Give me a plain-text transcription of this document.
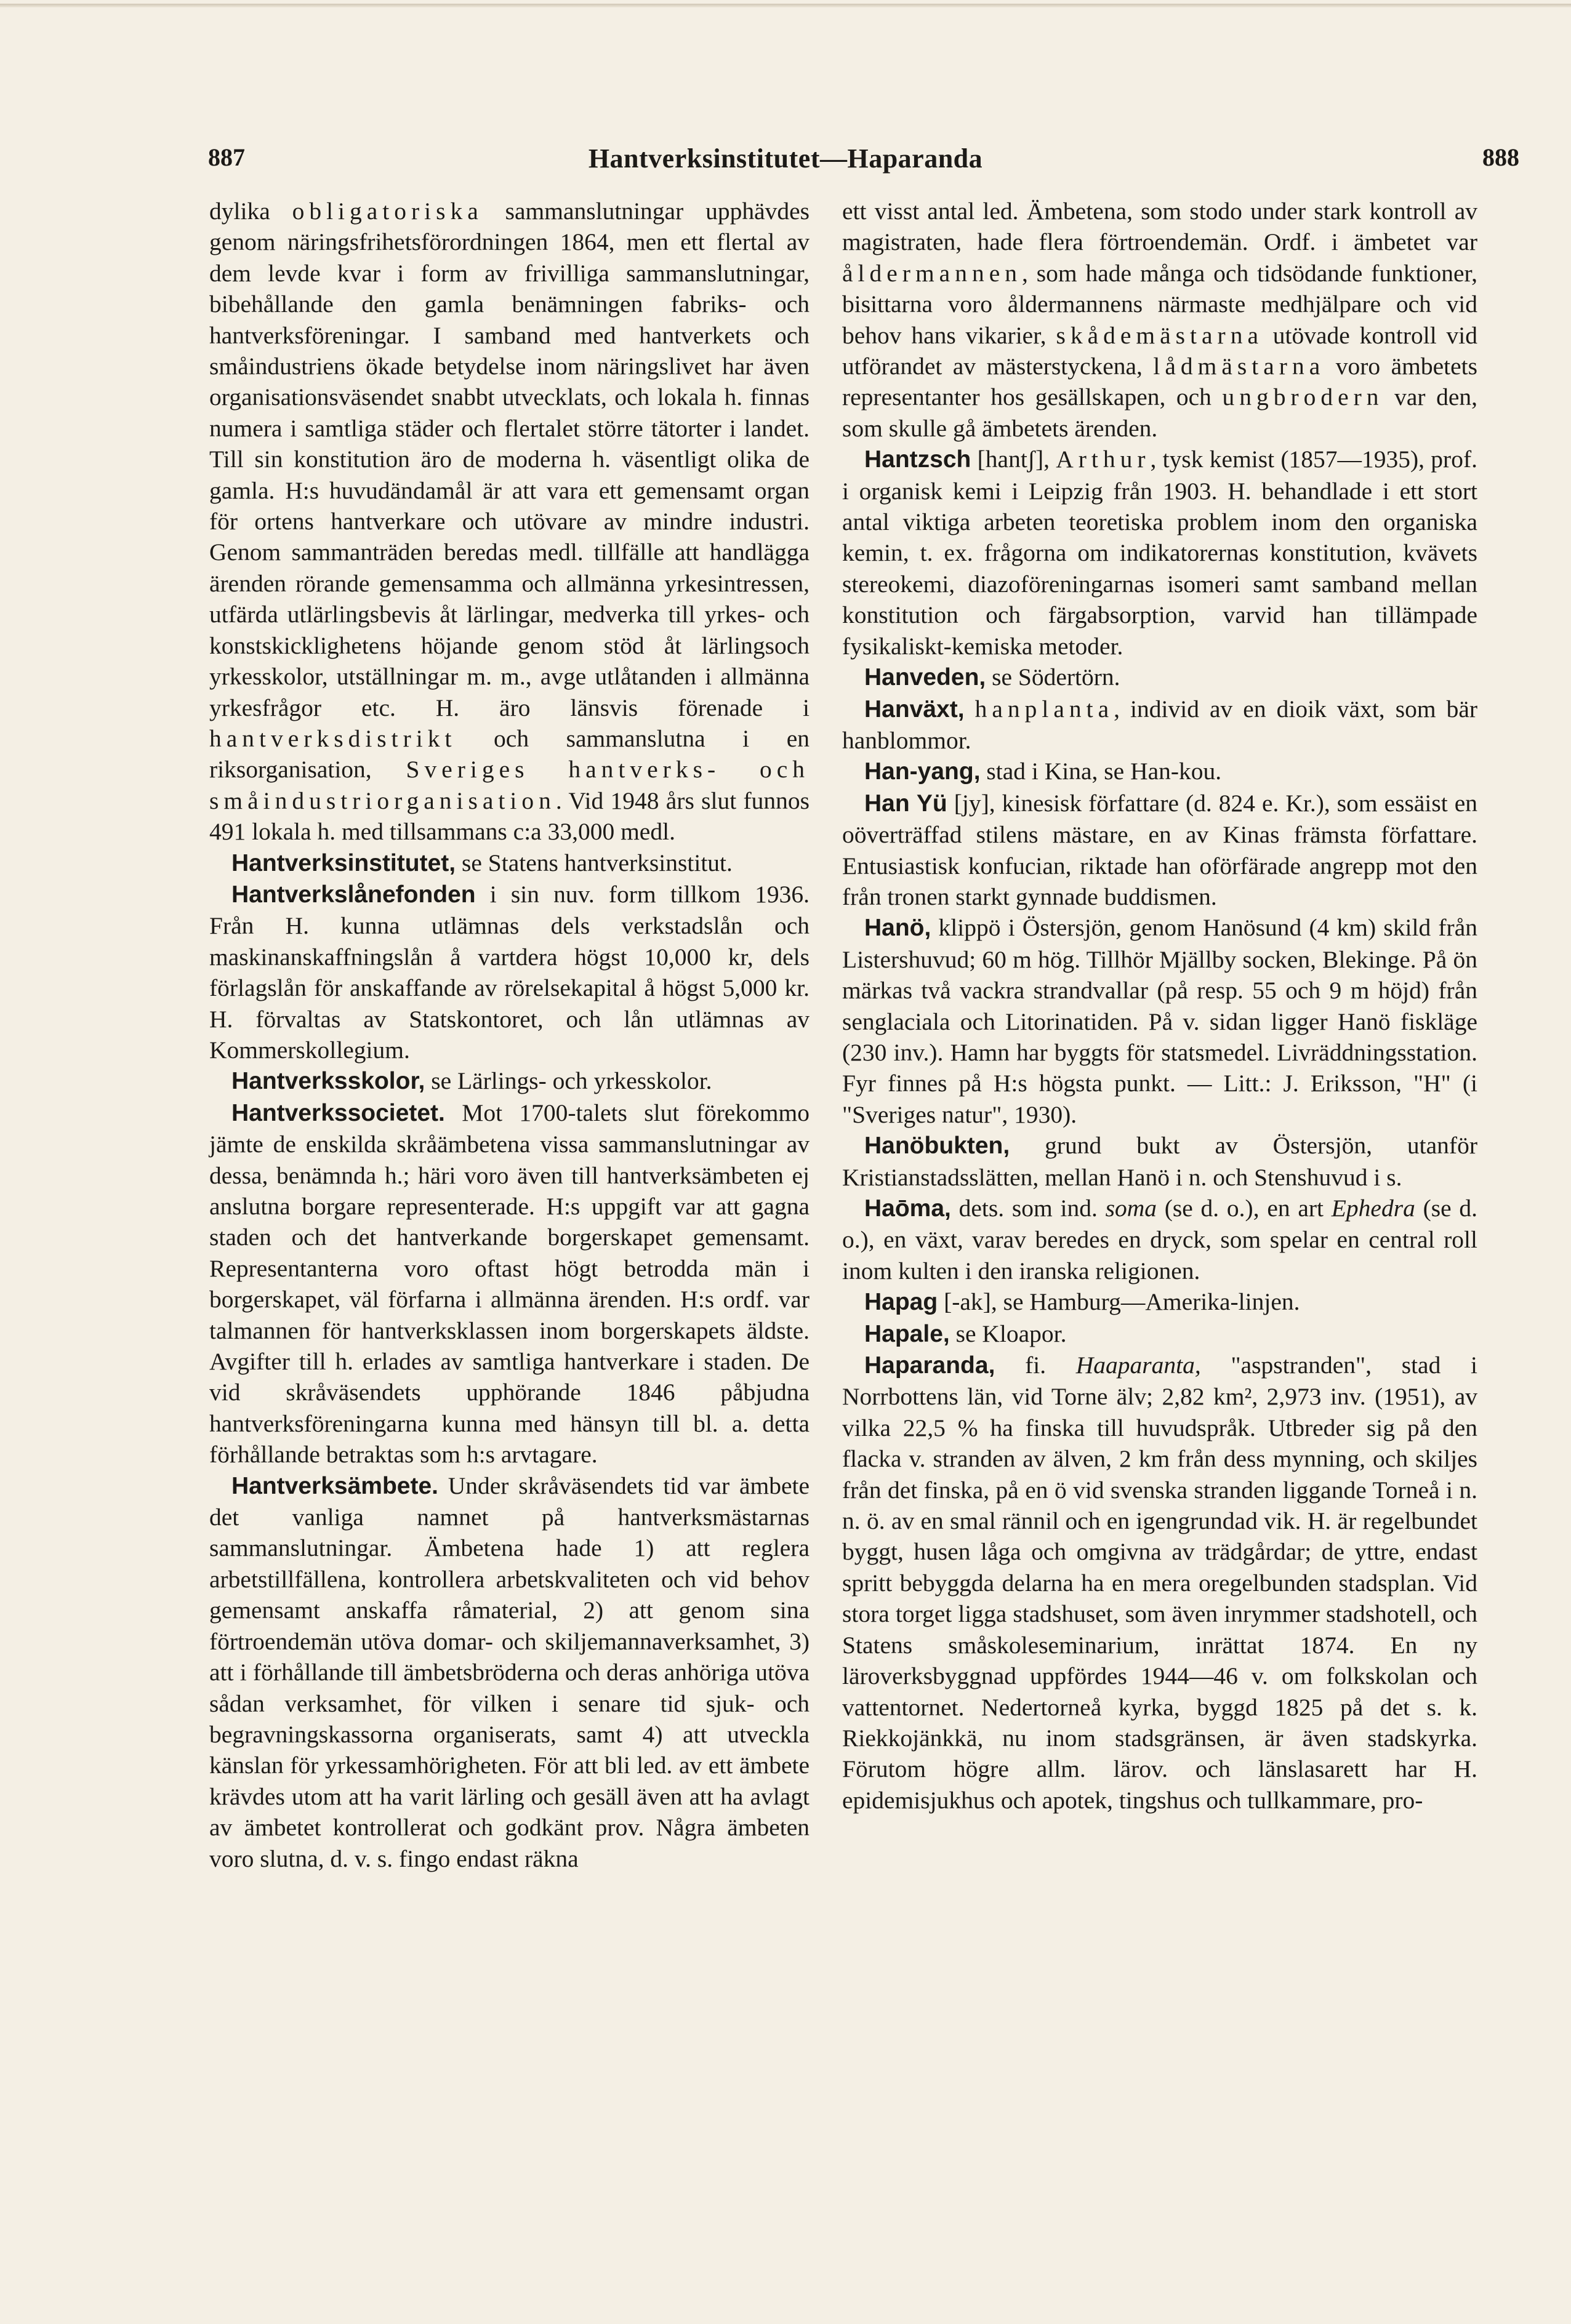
887	Hantverksinstitutet—Haparanda	888

dylika obligatoriska sammanslutningar upphävdes genom näringsfrihetsförordningen 1864, men ett flertal av dem levde kvar i form av frivilliga sammanslutningar, bibehållande den gamla benämningen fabriks- och hantverksföreningar. I samband med hantverkets och småindustriens ökade betydelse inom näringslivet har även organisationsväsendet snabbt utvecklats, och lokala h. finnas numera i samtliga städer och flertalet större tätorter i landet. Till sin konstitution äro de moderna h. väsentligt olika de gamla. H:s huvudändamål är att vara ett gemensamt organ för ortens hantverkare och utövare av mindre industri. Genom sammanträden beredas medl. tillfälle att handlägga ärenden rörande gemensamma och allmänna yrkesintressen, utfärda utlärlingsbevis åt lärlingar, medverka till yrkes- och konstskicklighetens höjande genom stöd åt lärlingsoch yrkesskolor, utställningar m. m., avge utlåtanden i allmänna yrkesfrågor etc. H. äro länsvis förenade i hantverksdistrikt och sammanslutna i en riksorganisation, Sveriges hantverks- och småindustriorganisation. Vid 1948 års slut funnos 491 lokala h. med tillsammans c:a 33,000 medl.

Hantverksinstitutet, se Statens hantverksinstitut.

Hantverkslånefonden i sin nuv. form tillkom 1936. Från H. kunna utlämnas dels verkstadslån och maskinanskaffningslån å vartdera högst 10,000 kr, dels förlagslån för anskaffande av rörelsekapital å högst 5,000 kr. H. förvaltas av Statskontoret, och lån utlämnas av Kommerskollegium.

Hantverksskolor, se Lärlings- och yrkesskolor.

Hantverkssocietet. Mot 1700-talets slut förekommo jämte de enskilda skråämbetena vissa sammanslutningar av dessa, benämnda h.; häri voro även till hantverksämbeten ej anslutna borgare representerade. H:s uppgift var att gagna staden och det hantverkande borgerskapet gemensamt. Representanterna voro oftast högt betrodda män i borgerskapet, väl förfarna i allmänna ärenden. H:s ordf. var talmannen för hantverksklassen inom borgerskapets äldste. Avgifter till h. erlades av samtliga hantverkare i staden. De vid skråväsendets upphörande 1846 påbjudna hantverksföreningarna kunna med hänsyn till bl. a. detta förhållande betraktas som h:s arvtagare.

Hantverksämbete. Under skråväsendets tid var ämbete det vanliga namnet på hantverksmästarnas sammanslutningar. Ämbetena hade 1) att reglera arbetstillfällena, kontrollera arbetskvaliteten och vid behov gemensamt anskaffa råmaterial, 2) att genom sina förtroendemän utöva domar- och skiljemannaverksamhet, 3) att i förhållande till ämbetsbröderna och deras anhöriga utöva sådan verksamhet, för vilken i senare tid sjuk- och begravningskassorna organiserats, samt 4) att utveckla känslan för yrkessamhörigheten. För att bli led. av ett ämbete krävdes utom att ha varit lärling och gesäll även att ha avlagt av ämbetet kontrollerat och godkänt prov. Några ämbeten voro slutna, d. v. s. fingo endast räkna

ett visst antal led. Ämbetena, som stodo under stark kontroll av magistraten, hade flera förtroendemän. Ordf. i ämbetet var åldermannen, som hade många och tidsödande funktioner, bisittarna voro åldermannens närmaste medhjälpare och vid behov hans vikarier, skådemästarna utövade kontroll vid utförandet av mästerstyckena, lådmästarna voro ämbetets representanter hos gesällskapen, och ungbrodern var den, som skulle gå ämbetets ärenden.

Hantzsch [hantʃ], Arthur, tysk kemist (1857—1935), prof. i organisk kemi i Leipzig från 1903. H. behandlade i ett stort antal viktiga arbeten teoretiska problem inom den organiska kemin, t. ex. frågorna om indikatorernas konstitution, kvävets stereokemi, diazoföreningarnas isomeri samt samband mellan konstitution och färgabsorption, varvid han tillämpade fysikaliskt-kemiska metoder.

Hanveden, se Södertörn.

Hanväxt, hanplanta, individ av en dioik växt, som bär hanblommor.

Han-yang, stad i Kina, se Han-kou.

Han Yü [jy], kinesisk författare (d. 824 e. Kr.), som essäist en oöverträffad stilens mästare, en av Kinas främsta författare. Entusiastisk konfucian, riktade han oförfärade angrepp mot den från tronen starkt gynnade buddismen.

Hanö, klippö i Östersjön, genom Hanösund (4 km) skild från Listershuvud; 60 m hög. Tillhör Mjällby socken, Blekinge. På ön märkas två vackra strandvallar (på resp. 55 och 9 m höjd) från senglaciala och Litorinatiden. På v. sidan ligger Hanö fiskläge (230 inv.). Hamn har byggts för statsmedel. Livräddningsstation. Fyr finnes på H:s högsta punkt. — Litt.: J. Eriksson, "H" (i "Sveriges natur", 1930).

Hanöbukten, grund bukt av Östersjön, utanför Kristianstadsslätten, mellan Hanö i n. och Stenshuvud i s.

Haōma, dets. som ind. soma (se d. o.), en art Ephedra (se d. o.), en växt, varav beredes en dryck, som spelar en central roll inom kulten i den iranska religionen.

Hapag [-ak], se Hamburg—Amerika-linjen.

Hapale, se Kloapor.

Haparanda, fi. Haaparanta, "aspstranden", stad i Norrbottens län, vid Torne älv; 2,82 km², 2,973 inv. (1951), av vilka 22,5 % ha finska till huvudspråk. Utbreder sig på den flacka v. stranden av älven, 2 km från dess mynning, och skiljes från det finska, på en ö vid svenska stranden liggande Torneå i n. n. ö. av en smal rännil och en igengrundad vik. H. är regelbundet byggt, husen låga och omgivna av trädgårdar; de yttre, endast spritt bebyggda delarna ha en mera oregelbunden stadsplan. Vid stora torget ligga stadshuset, som även inrymmer stadshotell, och Statens småskoleseminarium, inrättat 1874. En ny läroverksbyggnad uppfördes 1944—46 v. om folkskolan och vattentornet. Nedertorneå kyrka, byggd 1825 på det s. k. Riekkojänkkä, nu inom stadsgränsen, är även stadskyrka. Förutom högre allm. lärov. och länslasarett har H. epidemisjukhus och apotek, tingshus och tullkammare, pro-
